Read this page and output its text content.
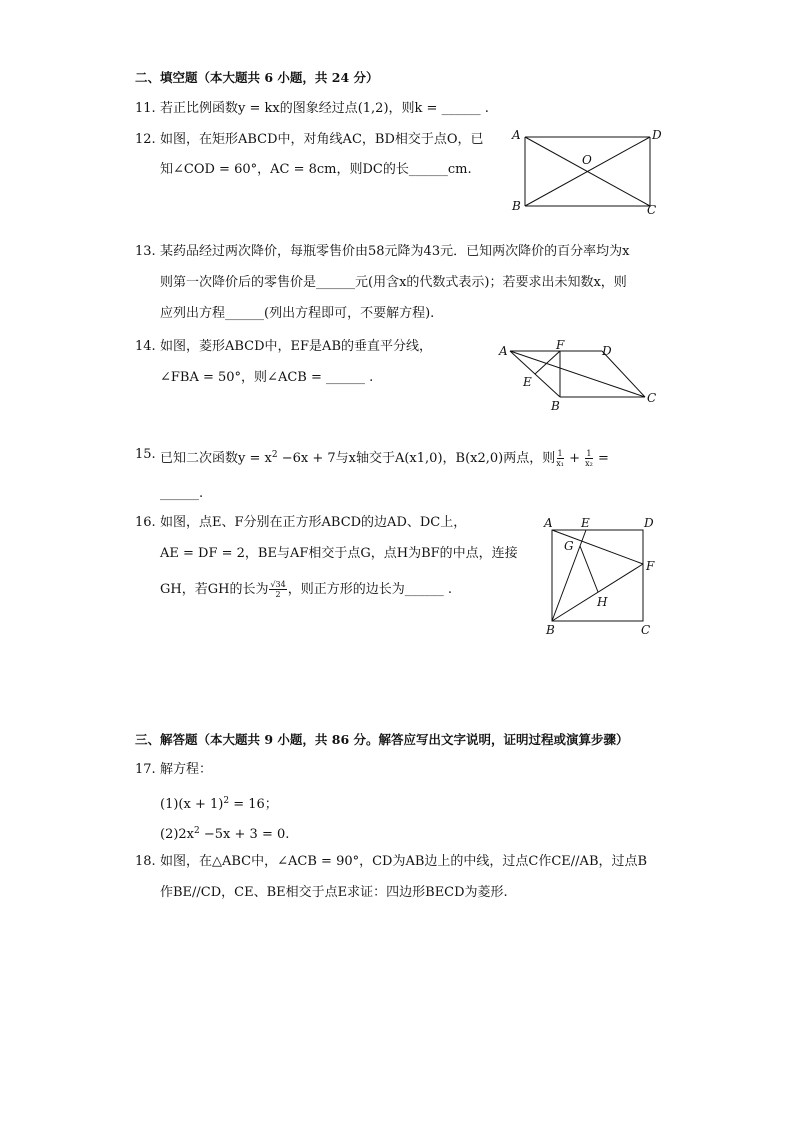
二、填空题（本大题共 6 小题，共 24 分）
11. 若正比例函数y = kx的图象经过点(1,2)，则k = ______ .
12. 如图，在矩形ABCD中，对角线AC，BD相交于点O，已
知∠COD = 60°，AC = 8cm，则DC的长______cm.
A	D
B	C
O
13. 某药品经过两次降价，每瓶零售价由58元降为43元．已知两次降价的百分率均为x
则第一次降价后的零售价是______元(用含x的代数式表示)；若要求出未知数x，则
应列出方程______(列出方程即可，不要解方程).
14. 如图，菱形ABCD中，EF是AB的垂直平分线，
∠FBA = 50°，则∠ACB = ______ .
A	F	D
E
B
C
15. 已知二次函数$y = x^2 -6x + 7$与x轴交于A(x1,0)，B(x2,0)两点，则 $\frac{1}{\text{x₁}} + \frac{1}{\text{x₂}}$ =
______.
16. 如图，点E、F分别在正方形ABCD的边AD、DC上，
AE = DF = 2，BE与AF相交于点G，点H为BF的中点，连接
GH，若GH的长为 $\frac{√34}{2}$ ，则正方形的边长为______ .
A E	D
G
F
H
B	C
三、解答题（本大题共 9 小题，共 86 分。解答应写出文字说明，证明过程或演算步骤）
17. 解方程：
$(1)(x + 1)^2 = 16$；
$(2)2x^2 -5x + 3 = 0$.
18. 如图，在△ABC中，∠ACB = 90°，CD为AB边上的中线，过点C作CE//AB，过点B
作BE//CD，CE、BE相交于点E求证：四边形BECD为菱形.
